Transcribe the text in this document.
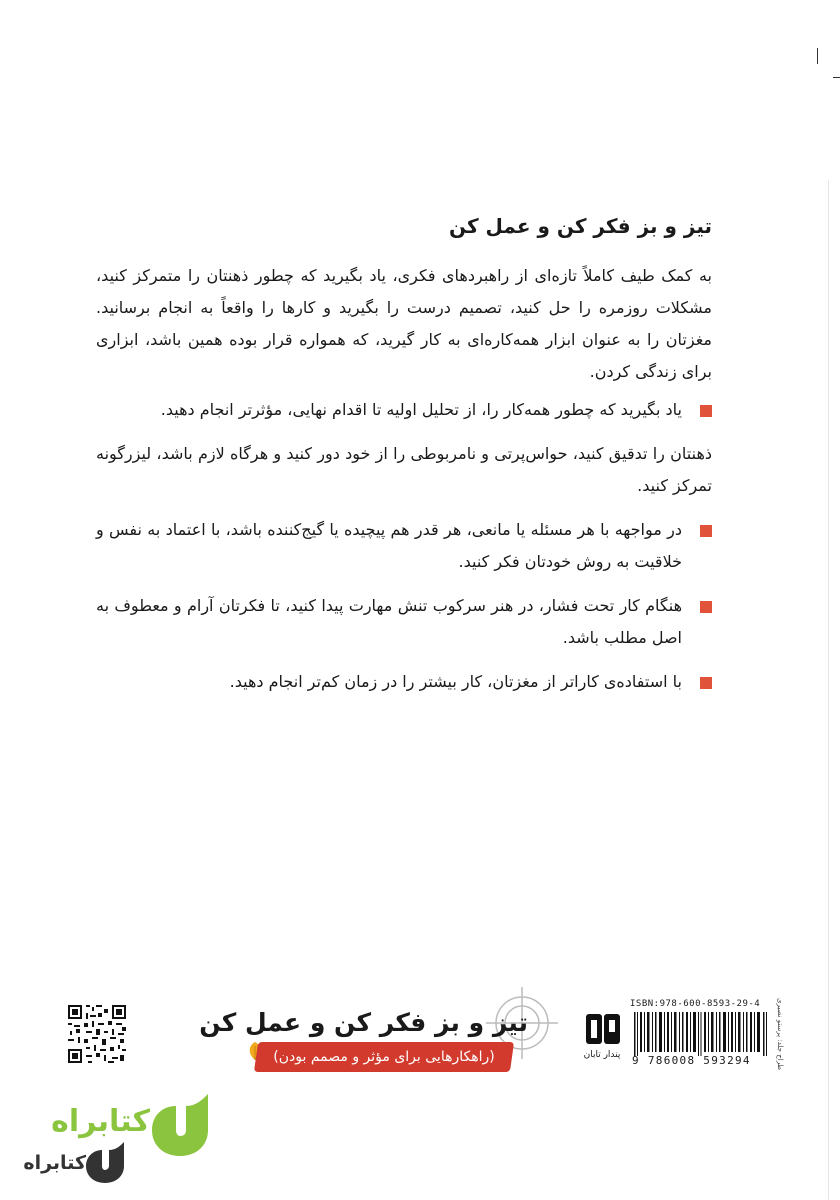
تیز و بز فکر کن و عمل کن

به کمک طیف کاملاً تازه‌ای از راهبردهای فکری، یاد بگیرید که چطور ذهنتان را متمرکز کنید، مشکلات روزمره را حل کنید، تصمیم درست را بگیرید و کارها را واقعاً به انجام برسانید. مغزتان را به عنوان ابزار همه‌کاره‌ای به کار گیرید، که همواره قرار بوده همین باشد، ابزاری برای زندگی کردن.

یاد بگیرید که چطور همه‌کار را، از تحلیل اولیه تا اقدام نهایی، مؤثرتر انجام دهید.

ذهنتان را تدقیق کنید، حواس‌پرتی و نامربوطی را از خود دور کنید و هرگاه لازم باشد، لیزرگونه تمرکز کنید.

در مواجهه با هر مسئله یا مانعی، هر قدر هم پیچیده یا گیج‌کننده باشد، با اعتماد به نفس و خلاقیت به روش خودتان فکر کنید.
هنگام کار تحت فشار، در هنر سرکوب تنش مهارت پیدا کنید، تا فکرتان آرام و معطوف به اصل مطلب باشد.
با استفاده‌ی کاراتر از مغزتان، کار بیشتر را در زمان کم‌تر انجام دهید.
تیز و بز فکر کن و عمل کن
(راهکارهایی برای مؤثر و مصمم بودن)	پندار تابان
ISBN:978-600-8593-29-4
9 786008 593294	طراح جلد: پرستو نصیری
کتابراه
کتابراه
